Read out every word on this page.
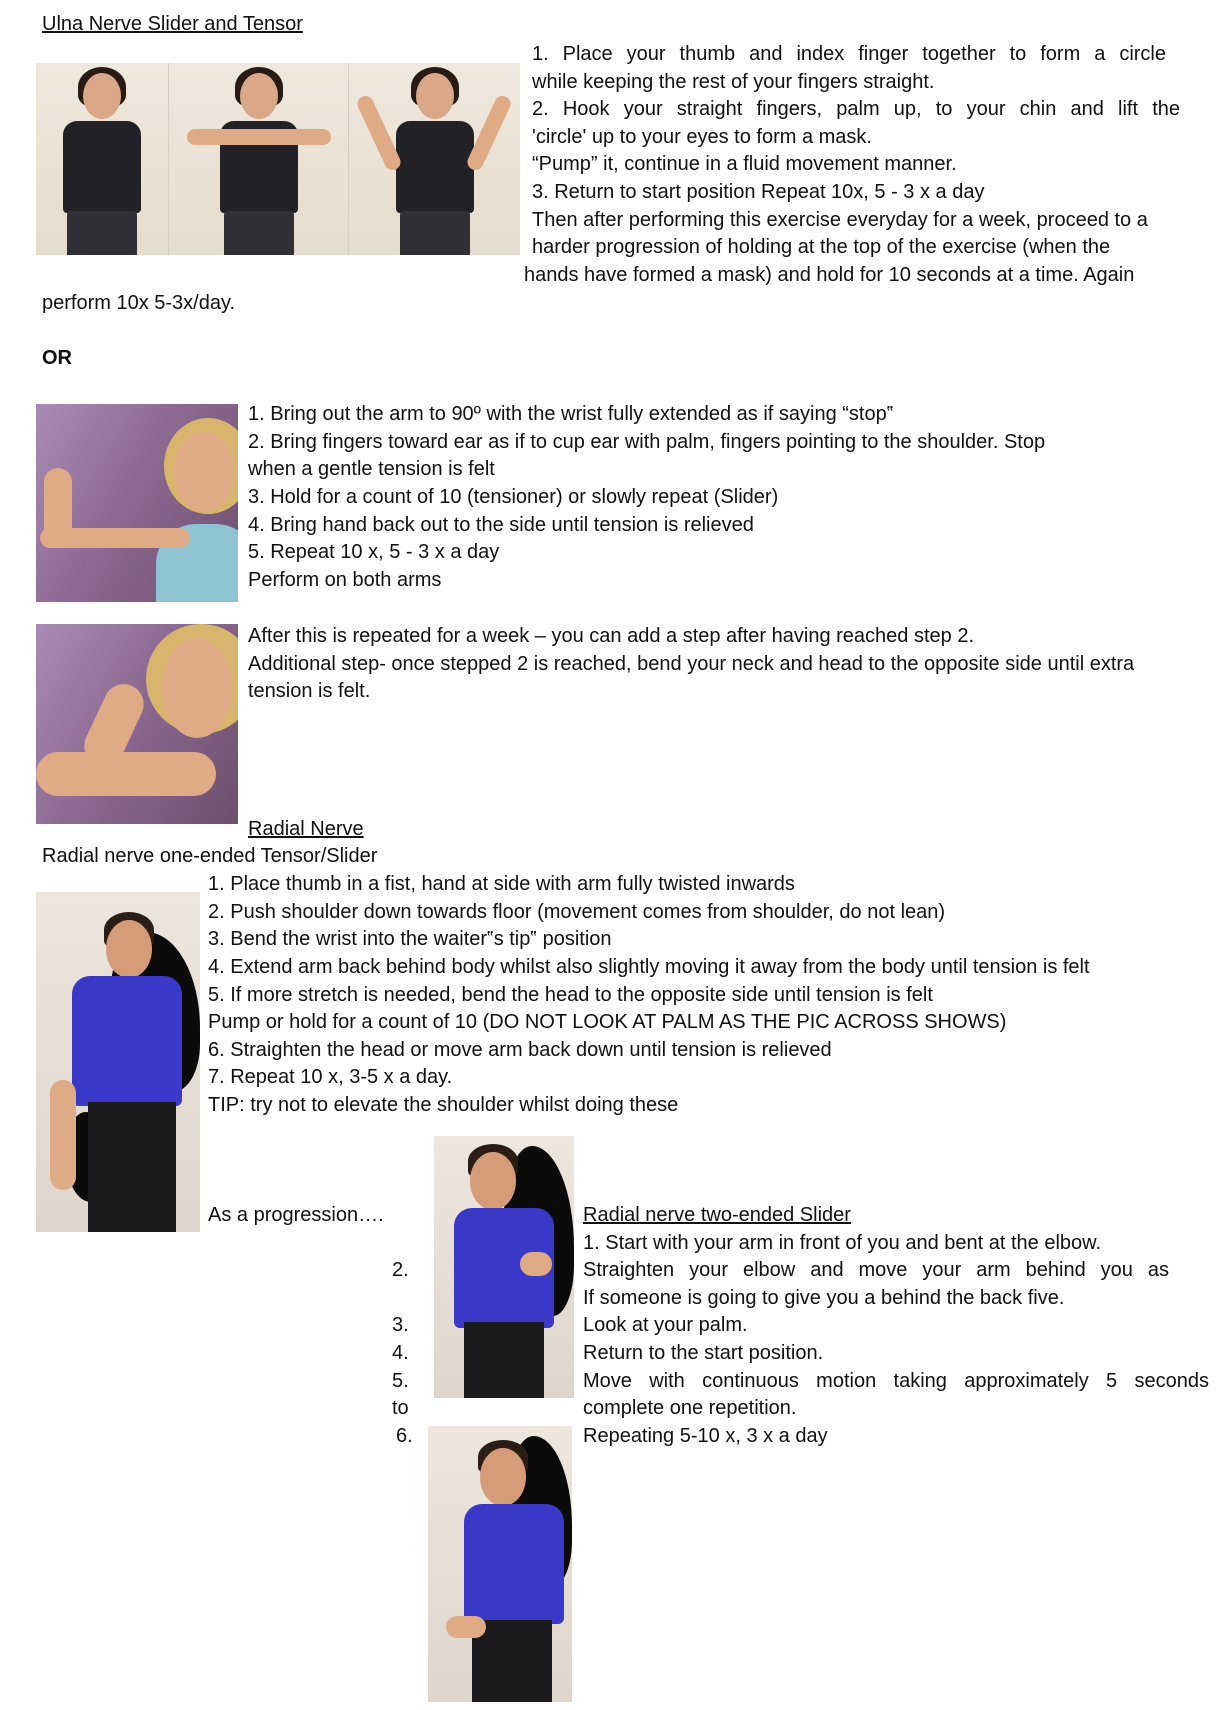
Ulna Nerve Slider and Tensor
1. Place your thumb and index finger together to form a circle
while keeping the rest of your fingers straight.
2. Hook your straight fingers, palm up, to your chin and lift the
'circle' up to your eyes to form a mask.
“Pump” it, continue in a fluid movement manner.
3. Return to start position Repeat 10x, 5 - 3 x a day
Then after performing this exercise everyday for a week, proceed to a
harder progression of holding at the top of the exercise (when the
hands have formed a mask) and hold for 10 seconds at a time. Again
perform 10x 5-3x/day.
OR
1. Bring out the arm to 90º with the wrist fully extended as if saying “stop‟
2. Bring fingers toward ear as if to cup ear with palm, fingers pointing to the shoulder. Stop
when a gentle tension is felt
3. Hold for a count of 10 (tensioner) or slowly repeat (Slider)
4. Bring hand back out to the side until tension is relieved
5. Repeat 10 x, 5 - 3 x a day
Perform on both arms
After this is repeated for a week – you can add a step after having reached step 2.
Additional step- once stepped 2 is reached, bend your neck and head to the opposite side until extra
tension is felt.
Radial Nerve
Radial nerve one-ended Tensor/Slider
1. Place thumb in a fist, hand at side with arm fully twisted inwards
2. Push shoulder down towards floor (movement comes from shoulder, do not lean)
3. Bend the wrist into the waiter‟s tip‟ position
4. Extend arm back behind body whilst also slightly moving it away from the body until tension is felt
5. If more stretch is needed, bend the head to the opposite side until tension is felt
Pump or hold for a count of 10 (DO NOT LOOK AT PALM AS THE PIC ACROSS SHOWS)
6. Straighten the head or move arm back down until tension is relieved
7. Repeat 10 x, 3-5 x a day.
TIP: try not to elevate the shoulder whilst doing these
As a progression….
2.
3.
4.
5.
to
6.
Radial nerve two-ended Slider
1. Start with your arm in front of you and bent at the elbow.
Straighten your elbow and move your arm behind you as
If someone is going to give you a behind the back five.
Look at your palm.
Return to the start position.
Move with continuous motion taking approximately 5 seconds
complete one repetition.
Repeating 5-10 x, 3 x a day
